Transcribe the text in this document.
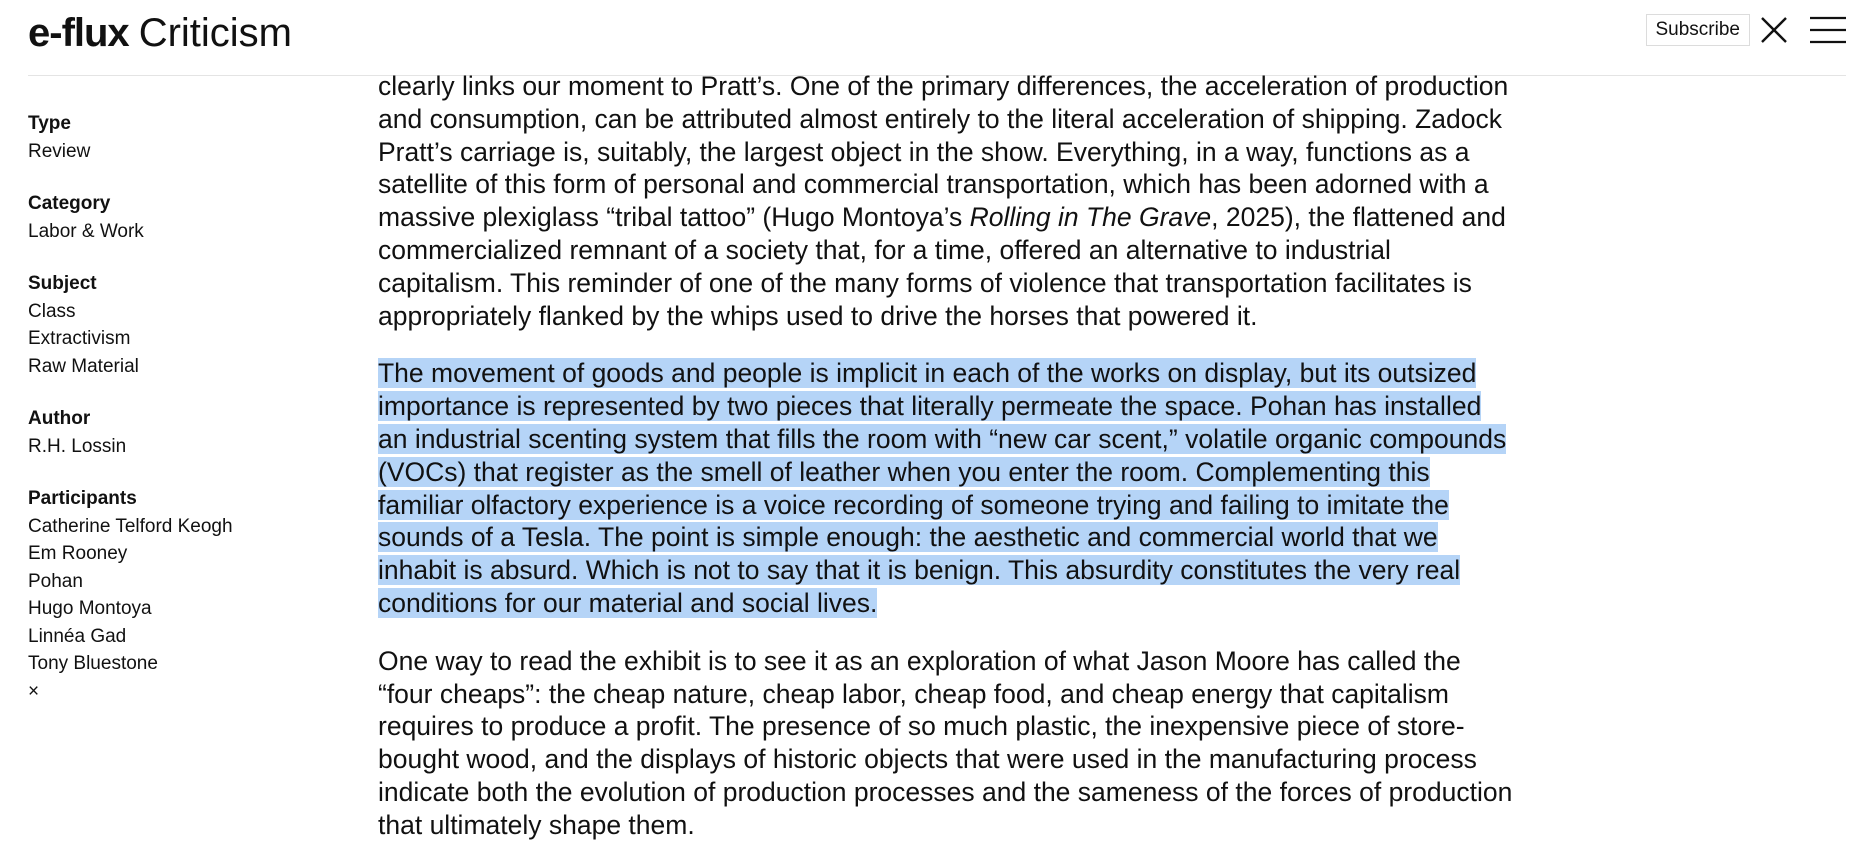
e-flux Criticism	Subscribe
Type
Review
Category
Labor & Work
Subject
Class
Extractivism
Raw Material
Author
R.H. Lossin
Participants
Catherine Telford Keogh
Em Rooney
Pohan
Hugo Montoya
Linnéa Gad
Tony Bluestone
×

clearly links our moment to Pratt’s. One of the primary differences, the acceleration of production and consumption, can be attributed almost entirely to the literal acceleration of shipping. Zadock Pratt’s carriage is, suitably, the largest object in the show. Everything, in a way, functions as a satellite of this form of personal and commercial transportation, which has been adorned with a massive plexiglass “tribal tattoo” (Hugo Montoya’s Rolling in The Grave, 2025), the flattened and commercialized remnant of a society that, for a time, offered an alternative to industrial capitalism. This reminder of one of the many forms of violence that transportation facilitates is appropriately flanked by the whips used to drive the horses that powered it.

The movement of goods and people is implicit in each of the works on display, but its outsized importance is represented by two pieces that literally permeate the space. Pohan has installed an industrial scenting system that fills the room with “new car scent,” volatile organic compounds (VOCs) that register as the smell of leather when you enter the room. Complementing this familiar olfactory experience is a voice recording of someone trying and failing to imitate the sounds of a Tesla. The point is simple enough: the aesthetic and commercial world that we inhabit is absurd. Which is not to say that it is benign. This absurdity constitutes the very real conditions for our material and social lives.

One way to read the exhibit is to see it as an exploration of what Jason Moore has called the “four cheaps”: the cheap nature, cheap labor, cheap food, and cheap energy that capitalism requires to produce a profit. The presence of so much plastic, the inexpensive piece of store-bought wood, and the displays of historic objects that were used in the manufacturing process indicate both the evolution of production processes and the sameness of the forces of production that ultimately shape them.
